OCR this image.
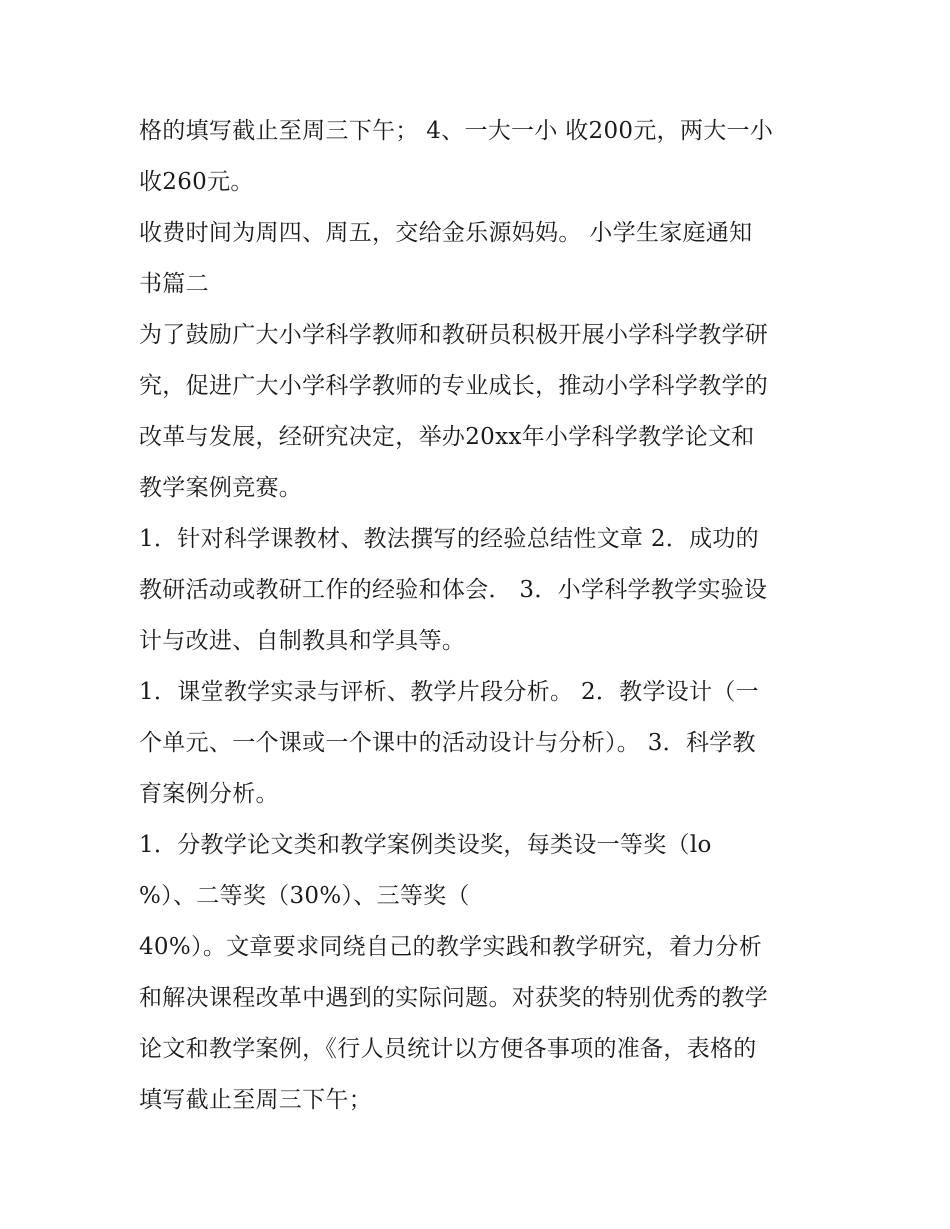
格的填写截止至周三下午； 4、一大一小 收200元，两大一小
收260元。
收费时间为周四、周五，交给金乐源妈妈。 小学生家庭通知
书篇二
为了鼓励广大小学科学教师和教研员积极开展小学科学教学研
究，促进广大小学科学教师的专业成长，推动小学科学教学的
改革与发展，经研究决定，举办20xx年小学科学教学论文和
教学案例竞赛。
1．针对科学课教材、教法撰写的经验总结性文章 2．成功的
教研活动或教研工作的经验和体会． 3．小学科学教学实验设
计与改进、自制教具和学具等。
1．课堂教学实录与评析、教学片段分析。 2．教学设计（一
个单元、一个课或一个课中的活动设计与分析）。 3．科学教
育案例分析。
1．分教学论文类和教学案例类设奖，每类设一等奖（lo
%）、二等奖（30%）、三等奖（
40%）。文章要求同绕自己的教学实践和教学研究，着力分析
和解决课程改革中遇到的实际问题。对获奖的特别优秀的教学
论文和教学案例，《行人员统计以方便各事项的准备，表格的
填写截止至周三下午；
